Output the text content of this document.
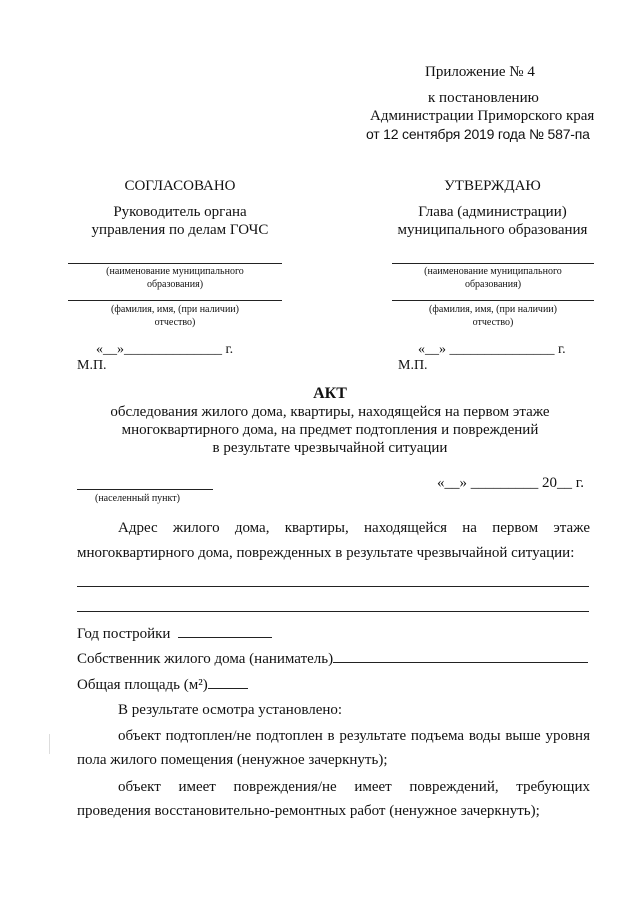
Приложение № 4
к постановлению
Администрации Приморского края
от 12 сентября 2019 года № 587-па
СОГЛАСОВАНО
Руководитель органа
управления по делам ГОЧС
(наименование муниципального
образования)
(фамилия, имя, (при наличии)
отчество)
«__»______________ г.
М.П.
УТВЕРЖДАЮ
Глава (администрации)
муниципального образования
(наименование муниципального
образования)
(фамилия, имя, (при наличии)
отчество)
«__» _______________ г.
М.П.
АКТ
обследования жилого дома, квартиры, находящейся на первом этаже
многоквартирного дома, на предмет подтопления и повреждений
в результате чрезвычайной ситуации
(населенный пункт)
«__» _________ 20__ г.
Адрес жилого дома, квартиры, находящейся на первом этаже
многоквартирного дома, поврежденных в результате чрезвычайной ситуации:
Год постройки
Собственник жилого дома (наниматель)
Общая площадь (м²)
В результате осмотра установлено:
объект подтоплен/не подтоплен в результате подъема воды выше уровня
пола жилого помещения (ненужное зачеркнуть);
объект имеет повреждения/не имеет повреждений, требующих
проведения восстановительно-ремонтных работ (ненужное зачеркнуть);
